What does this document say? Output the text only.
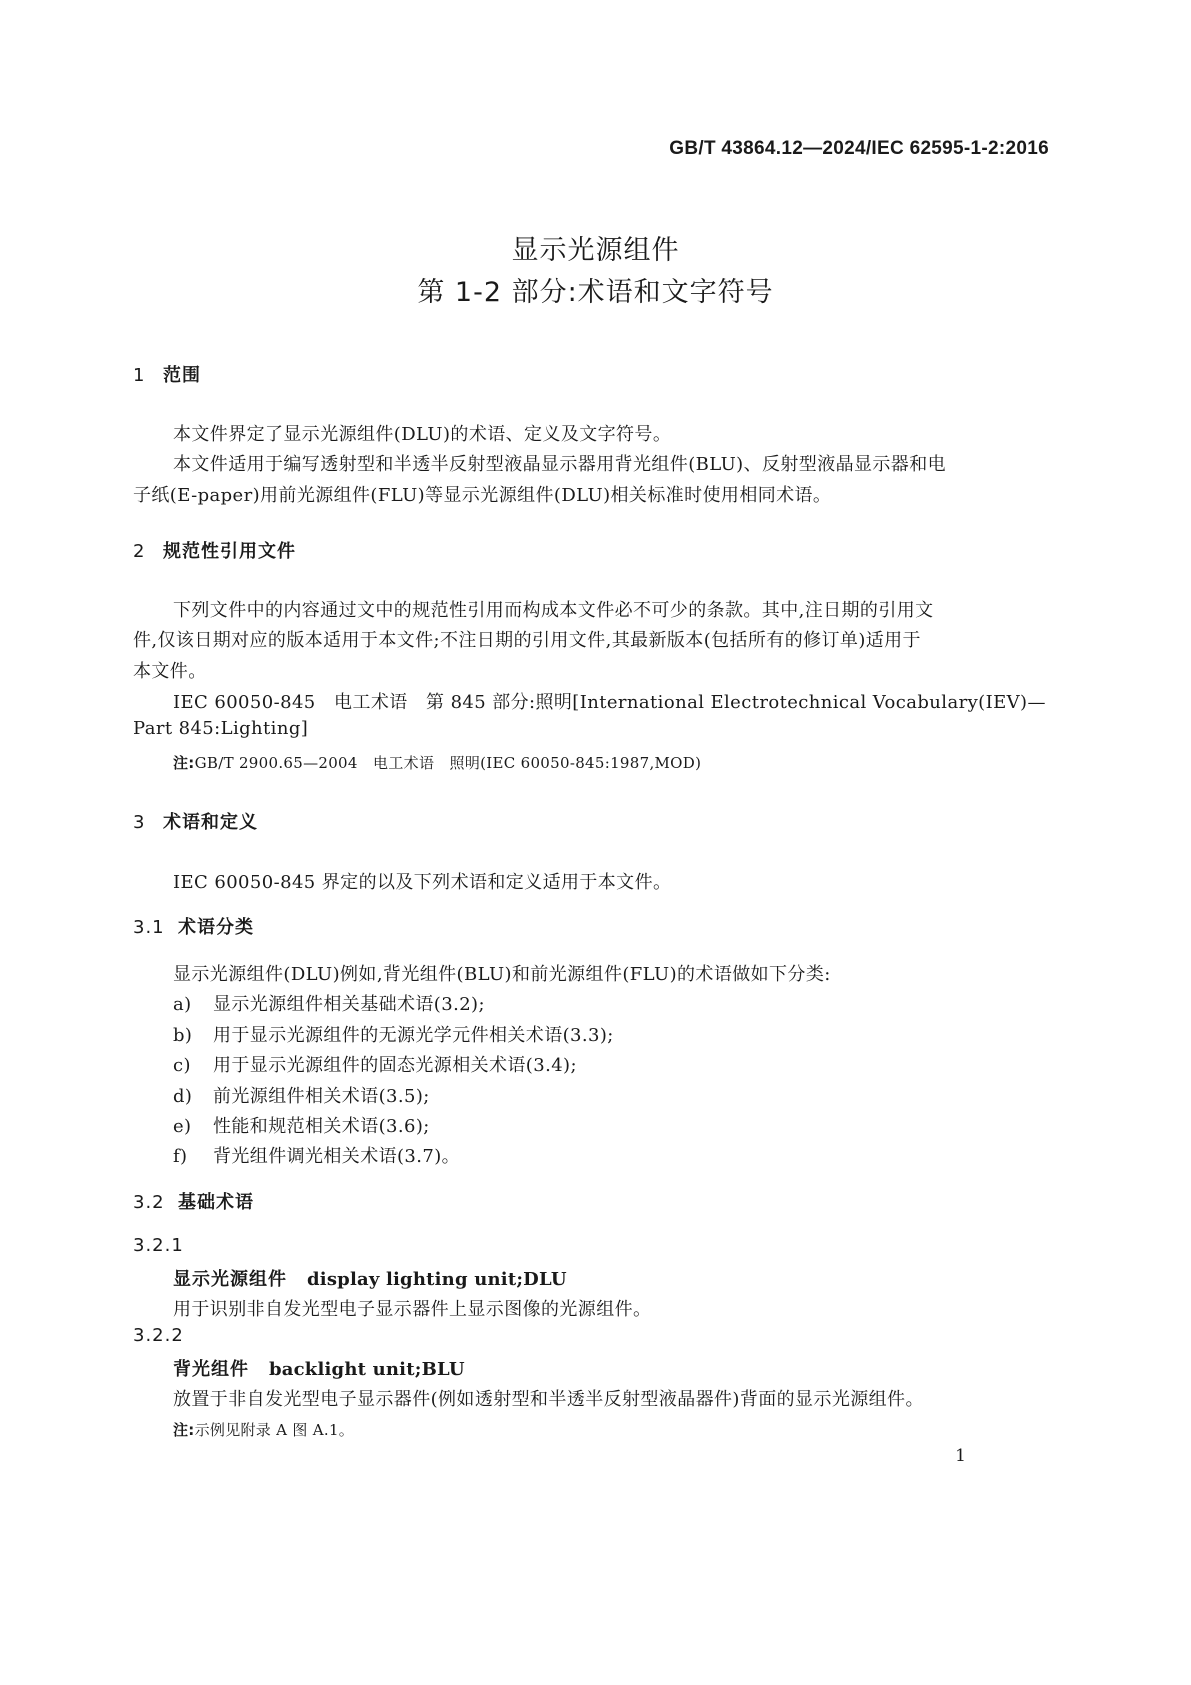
GB/T 43864.12—2024/IEC 62595-1-2:2016
显示光源组件
第 1-2 部分:术语和文字符号
1 范围
本文件界定了显示光源组件(DLU)的术语、定义及文字符号。
本文件适用于编写透射型和半透半反射型液晶显示器用背光组件(BLU)、反射型液晶显示器和电
子纸(E-paper)用前光源组件(FLU)等显示光源组件(DLU)相关标准时使用相同术语。
2 规范性引用文件
下列文件中的内容通过文中的规范性引用而构成本文件必不可少的条款。其中,注日期的引用文
件,仅该日期对应的版本适用于本文件;不注日期的引用文件,其最新版本(包括所有的修订单)适用于
本文件。
IEC 60050-845　电工术语　第 845 部分:照明[International Electrotechnical Vocabulary(IEV)—
Part 845:Lighting]
注:GB/T 2900.65—2004　电工术语　照明(IEC 60050-845:1987,MOD)
3 术语和定义
IEC 60050-845 界定的以及下列术语和定义适用于本文件。
3.1 术语分类
显示光源组件(DLU)例如,背光组件(BLU)和前光源组件(FLU)的术语做如下分类:
a) 显示光源组件相关基础术语(3.2);
b) 用于显示光源组件的无源光学元件相关术语(3.3);
c) 用于显示光源组件的固态光源相关术语(3.4);
d) 前光源组件相关术语(3.5);
e) 性能和规范相关术语(3.6);
f) 背光组件调光相关术语(3.7)。
3.2 基础术语
3.2.1
显示光源组件 display lighting unit;DLU
用于识别非自发光型电子显示器件上显示图像的光源组件。
3.2.2
背光组件 backlight unit;BLU
放置于非自发光型电子显示器件(例如透射型和半透半反射型液晶器件)背面的显示光源组件。
注:示例见附录 A 图 A.1。
1
